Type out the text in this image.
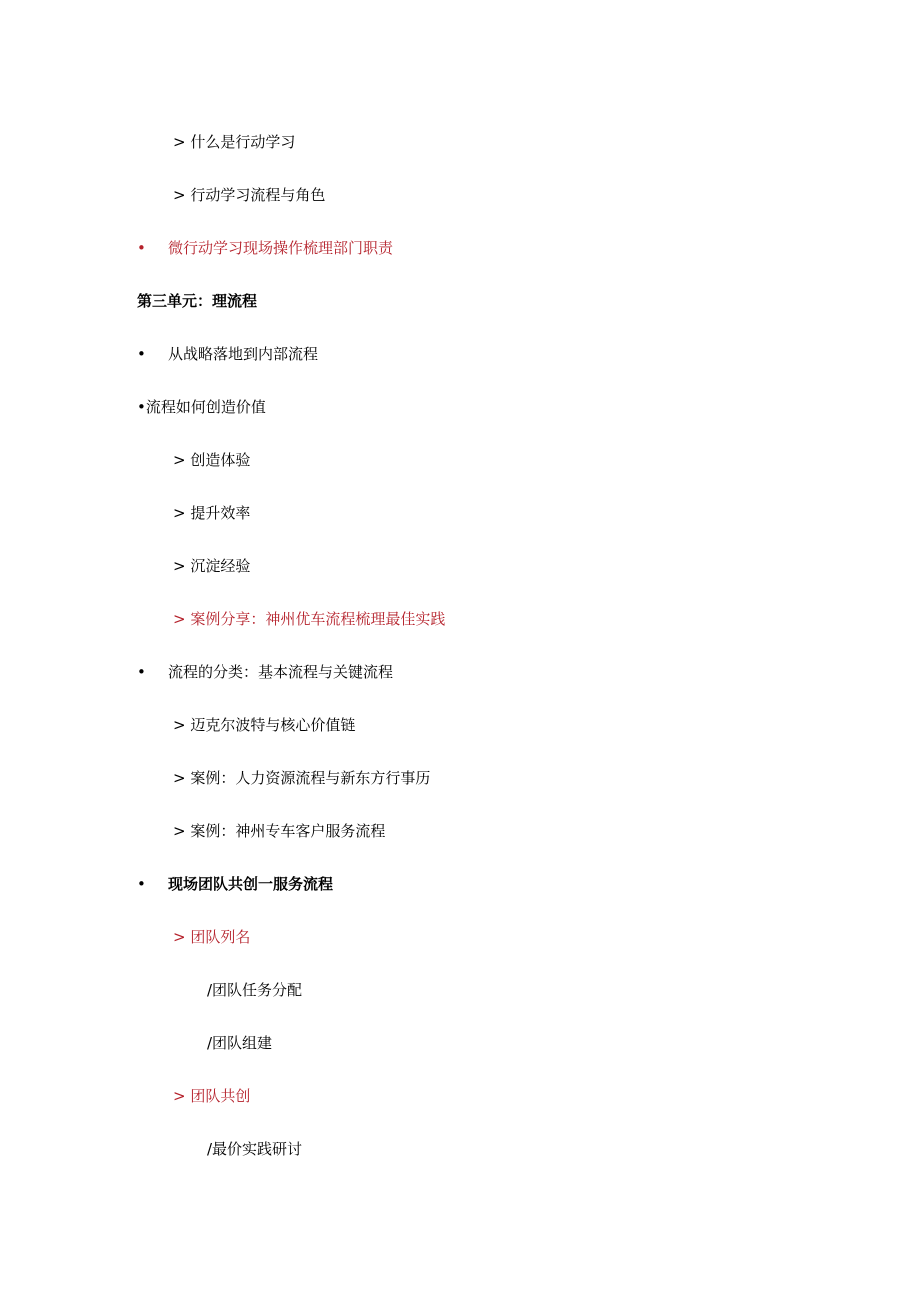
> 什么是行动学习
> 行动学习流程与角色
• 微行动学习现场操作梳理部门职责
第三单元：理流程
• 从战略落地到内部流程
•流程如何创造价值
> 创造体验
> 提升效率
> 沉淀经验
> 案例分享：神州优车流程梳理最佳实践
• 流程的分类：基本流程与关键流程
> 迈克尔波特与核心价值链
> 案例：人力资源流程与新东方行事历
> 案例：神州专车客户服务流程
• 现场团队共创一服务流程
> 团队列名
/团队任务分配
/团队组建
> 团队共创
/最价实践研讨
